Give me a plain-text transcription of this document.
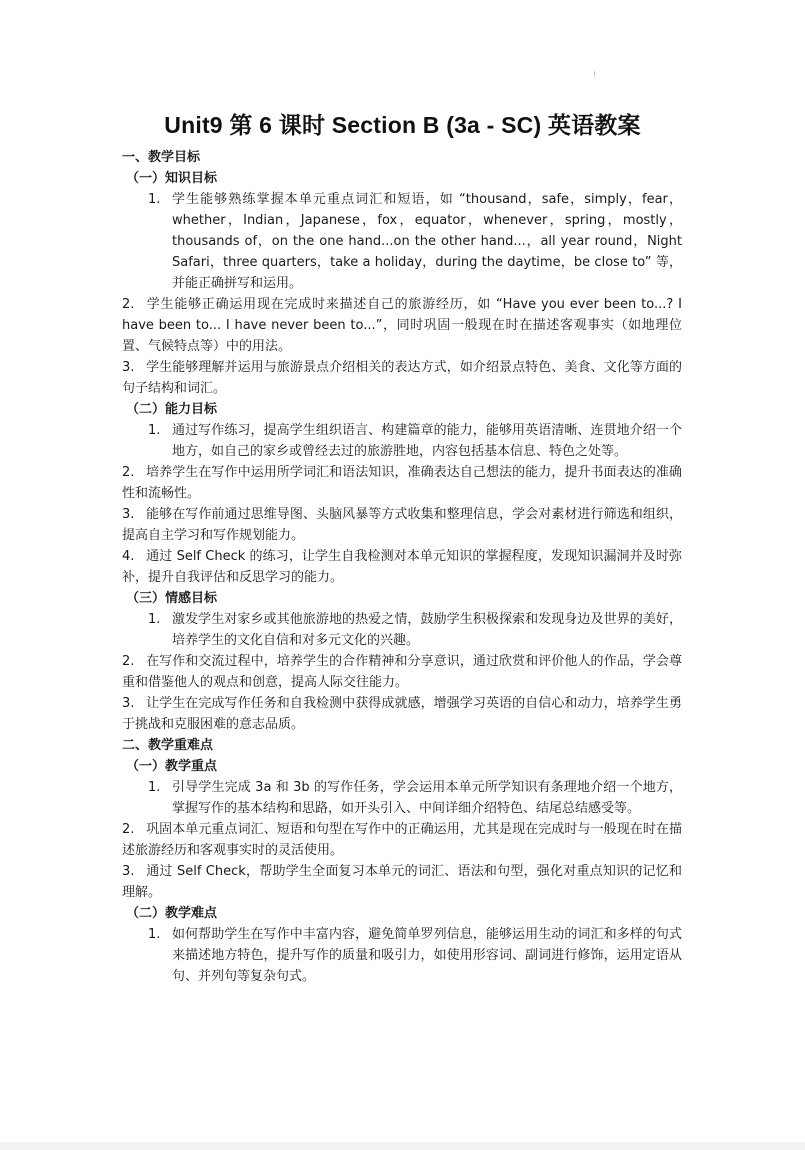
Unit9 第 6 课时 Section B (3a - SC) 英语教案
一、教学目标
（一）知识目标
1. 学生能够熟练掌握本单元重点词汇和短语，如 “thousand，safe，simply，fear，whether，Indian，Japanese，fox，equator，whenever，spring，mostly，thousands of，on the one hand...on the other hand...，all year round，Night Safari，three quarters，take a holiday，during the daytime，be close to” 等，并能正确拼写和运用。
2. 学生能够正确运用现在完成时来描述自己的旅游经历，如 “Have you ever been to...? I have been to... I have never been to...”，同时巩固一般现在时在描述客观事实（如地理位置、气候特点等）中的用法。
3. 学生能够理解并运用与旅游景点介绍相关的表达方式，如介绍景点特色、美食、文化等方面的句子结构和词汇。
（二）能力目标
1. 通过写作练习，提高学生组织语言、构建篇章的能力，能够用英语清晰、连贯地介绍一个地方，如自己的家乡或曾经去过的旅游胜地，内容包括基本信息、特色之处等。
2. 培养学生在写作中运用所学词汇和语法知识，准确表达自己想法的能力，提升书面表达的准确性和流畅性。
3. 能够在写作前通过思维导图、头脑风暴等方式收集和整理信息，学会对素材进行筛选和组织，提高自主学习和写作规划能力。
4. 通过 Self Check 的练习，让学生自我检测对本单元知识的掌握程度，发现知识漏洞并及时弥补，提升自我评估和反思学习的能力。
（三）情感目标
1. 激发学生对家乡或其他旅游地的热爱之情，鼓励学生积极探索和发现身边及世界的美好，培养学生的文化自信和对多元文化的兴趣。
2. 在写作和交流过程中，培养学生的合作精神和分享意识，通过欣赏和评价他人的作品，学会尊重和借鉴他人的观点和创意，提高人际交往能力。
3. 让学生在完成写作任务和自我检测中获得成就感，增强学习英语的自信心和动力，培养学生勇于挑战和克服困难的意志品质。
二、教学重难点
（一）教学重点
1. 引导学生完成 3a 和 3b 的写作任务，学会运用本单元所学知识有条理地介绍一个地方，掌握写作的基本结构和思路，如开头引入、中间详细介绍特色、结尾总结感受等。
2. 巩固本单元重点词汇、短语和句型在写作中的正确运用，尤其是现在完成时与一般现在时在描述旅游经历和客观事实时的灵活使用。
3. 通过 Self Check，帮助学生全面复习本单元的词汇、语法和句型，强化对重点知识的记忆和理解。
（二）教学难点
1. 如何帮助学生在写作中丰富内容，避免简单罗列信息，能够运用生动的词汇和多样的句式来描述地方特色，提升写作的质量和吸引力，如使用形容词、副词进行修饰，运用定语从句、并列句等复杂句式。
